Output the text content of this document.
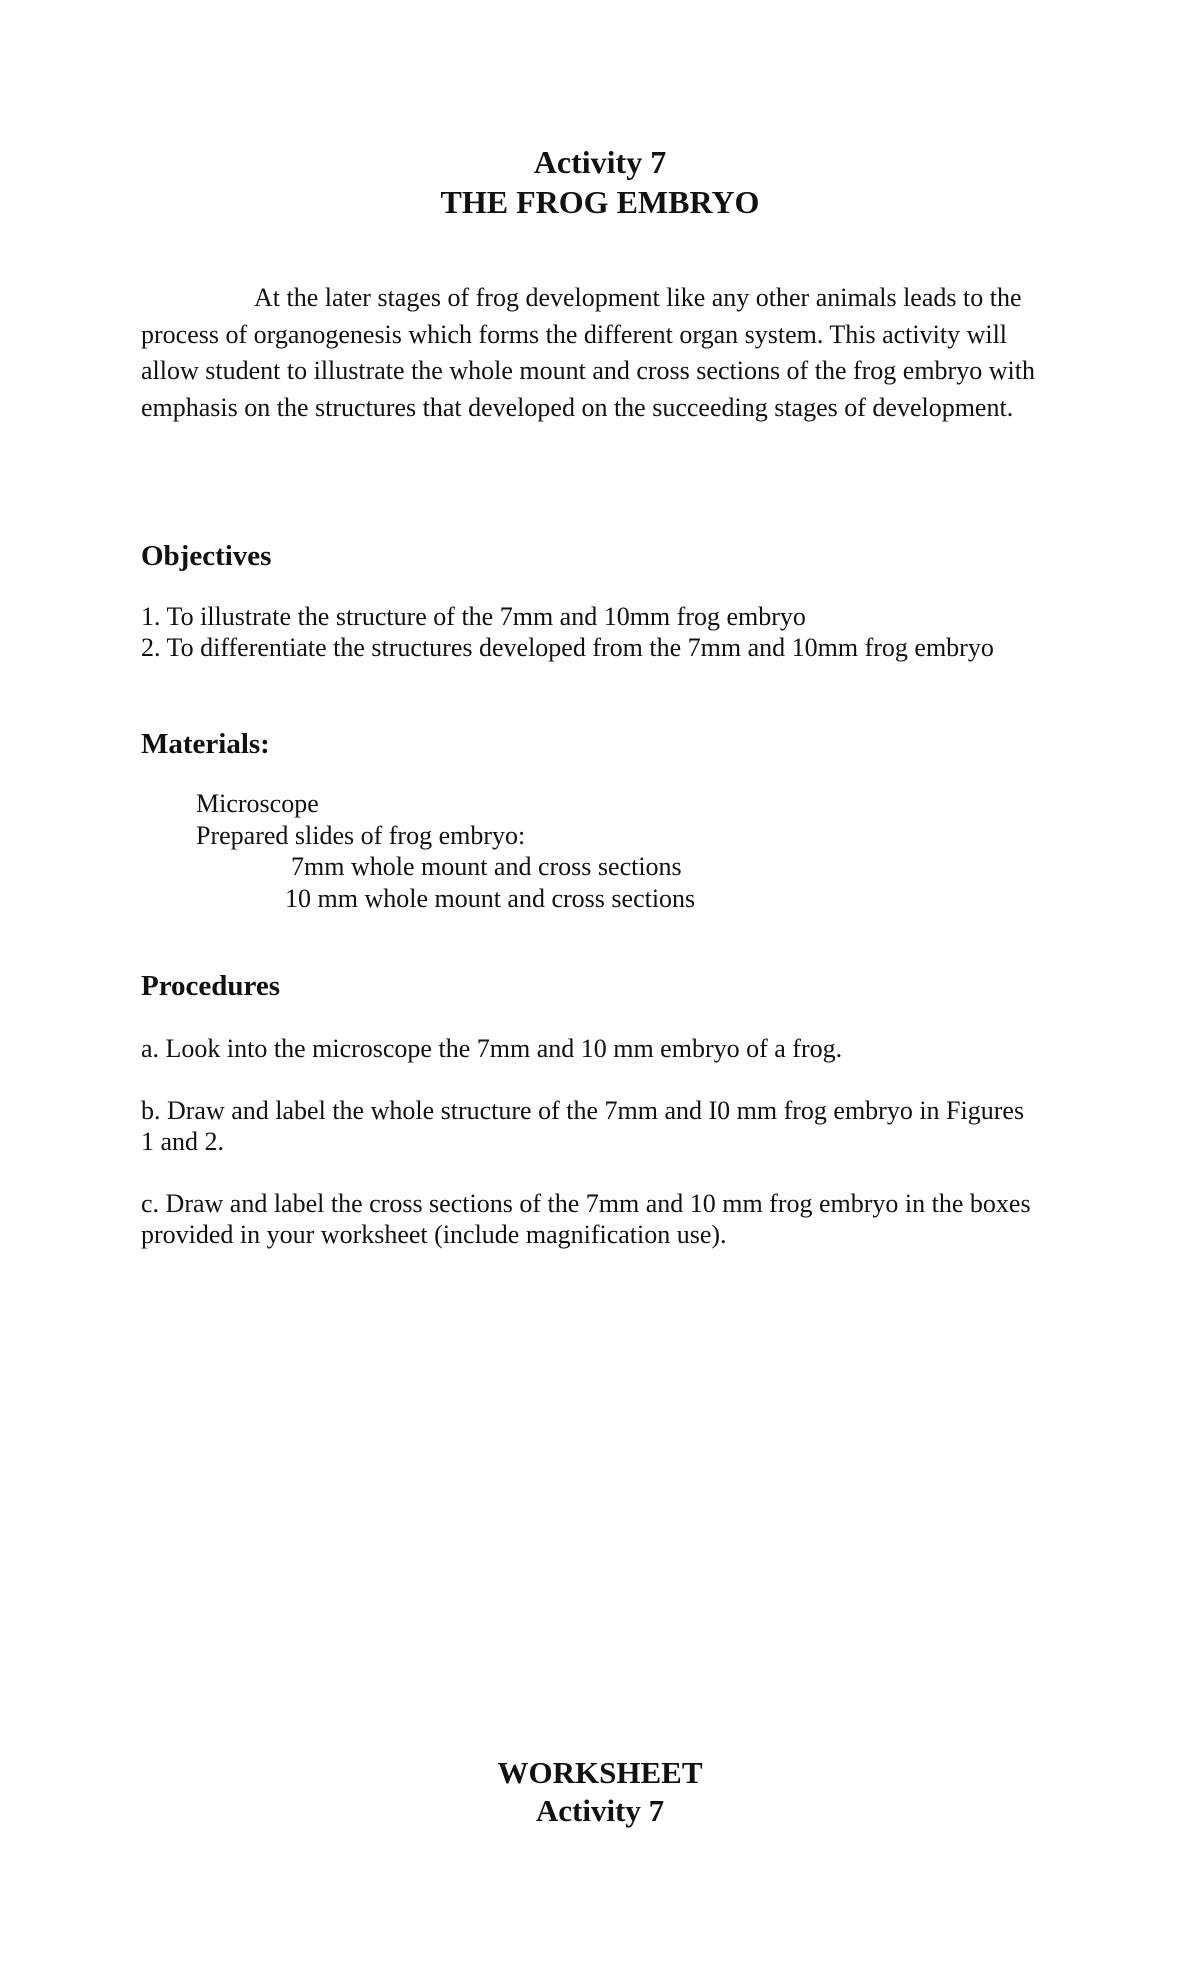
Activity 7
THE FROG EMBRYO

At the later stages of frog development like any other animals leads to the process of organogenesis which forms the different organ system. This activity will allow student to illustrate the whole mount and cross sections of the frog embryo with emphasis on the structures that developed on the succeeding stages of development.

Objectives
1. To illustrate the structure of the 7mm and 10mm frog embryo
2. To differentiate the structures developed from the 7mm and 10mm frog embryo
Materials:
Microscope
Prepared slides of frog embryo:
7mm whole mount and cross sections
10 mm whole mount and cross sections
Procedures

a. Look into the microscope the 7mm and 10 mm embryo of a frog.

b. Draw and label the whole structure of the 7mm and I0 mm frog embryo in Figures 1 and 2.

c. Draw and label the cross sections of the 7mm and 10 mm frog embryo in the boxes provided in your worksheet (include magnification use).

WORKSHEET
Activity 7
